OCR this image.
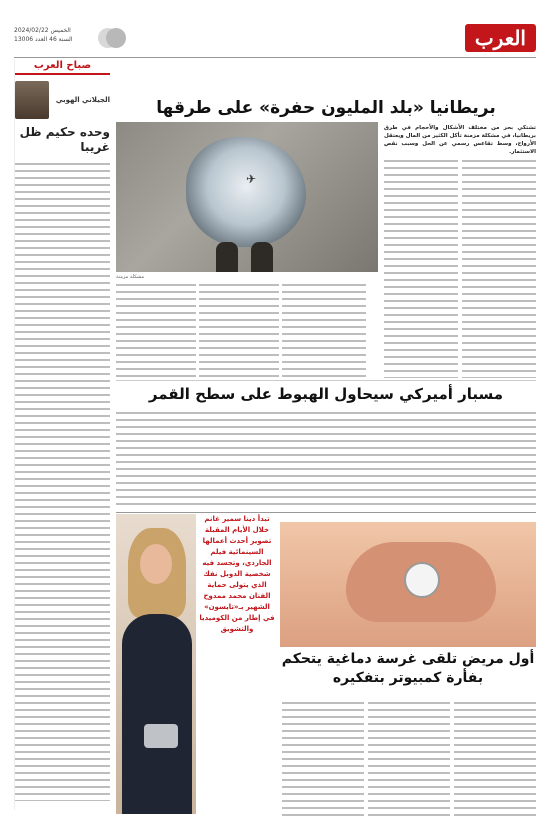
العرب
الخميس 2024/02/22
السنة 46 العدد 13006
صباح العرب
الجيلاني الهوبي
وحده حكيم ظل غريبا
بريطانيا «بلد المليون حفرة» على طرقها
✈
مشكلة مزمنة
تشتكي بحر من مختلف الأشكال والأحجام في طرق بريطانيا، في مشكلة مزمنة تأكل الكثير من المال ويعتقل الأرواح، وسط تقاعس رسمي عن الحل وسبب نقص الاستثمار.
مسبار أميركي سيحاول الهبوط على سطح القمر
تبدأ دينا سمير غانم خلال الأيام المقبلة تصوير أحدث أعمالها السينمائية فيلم الجاردي، وتجسد فيه شخصية الدوبل نفك الذي يتولى حماية الفنان محمد ممدوح الشهير بـ«تايسون» في إطار من الكوميديا والتشويق
أول مريض تلقى غرسة دماغية يتحكم بفأرة كمبيوتر بتفكيره
